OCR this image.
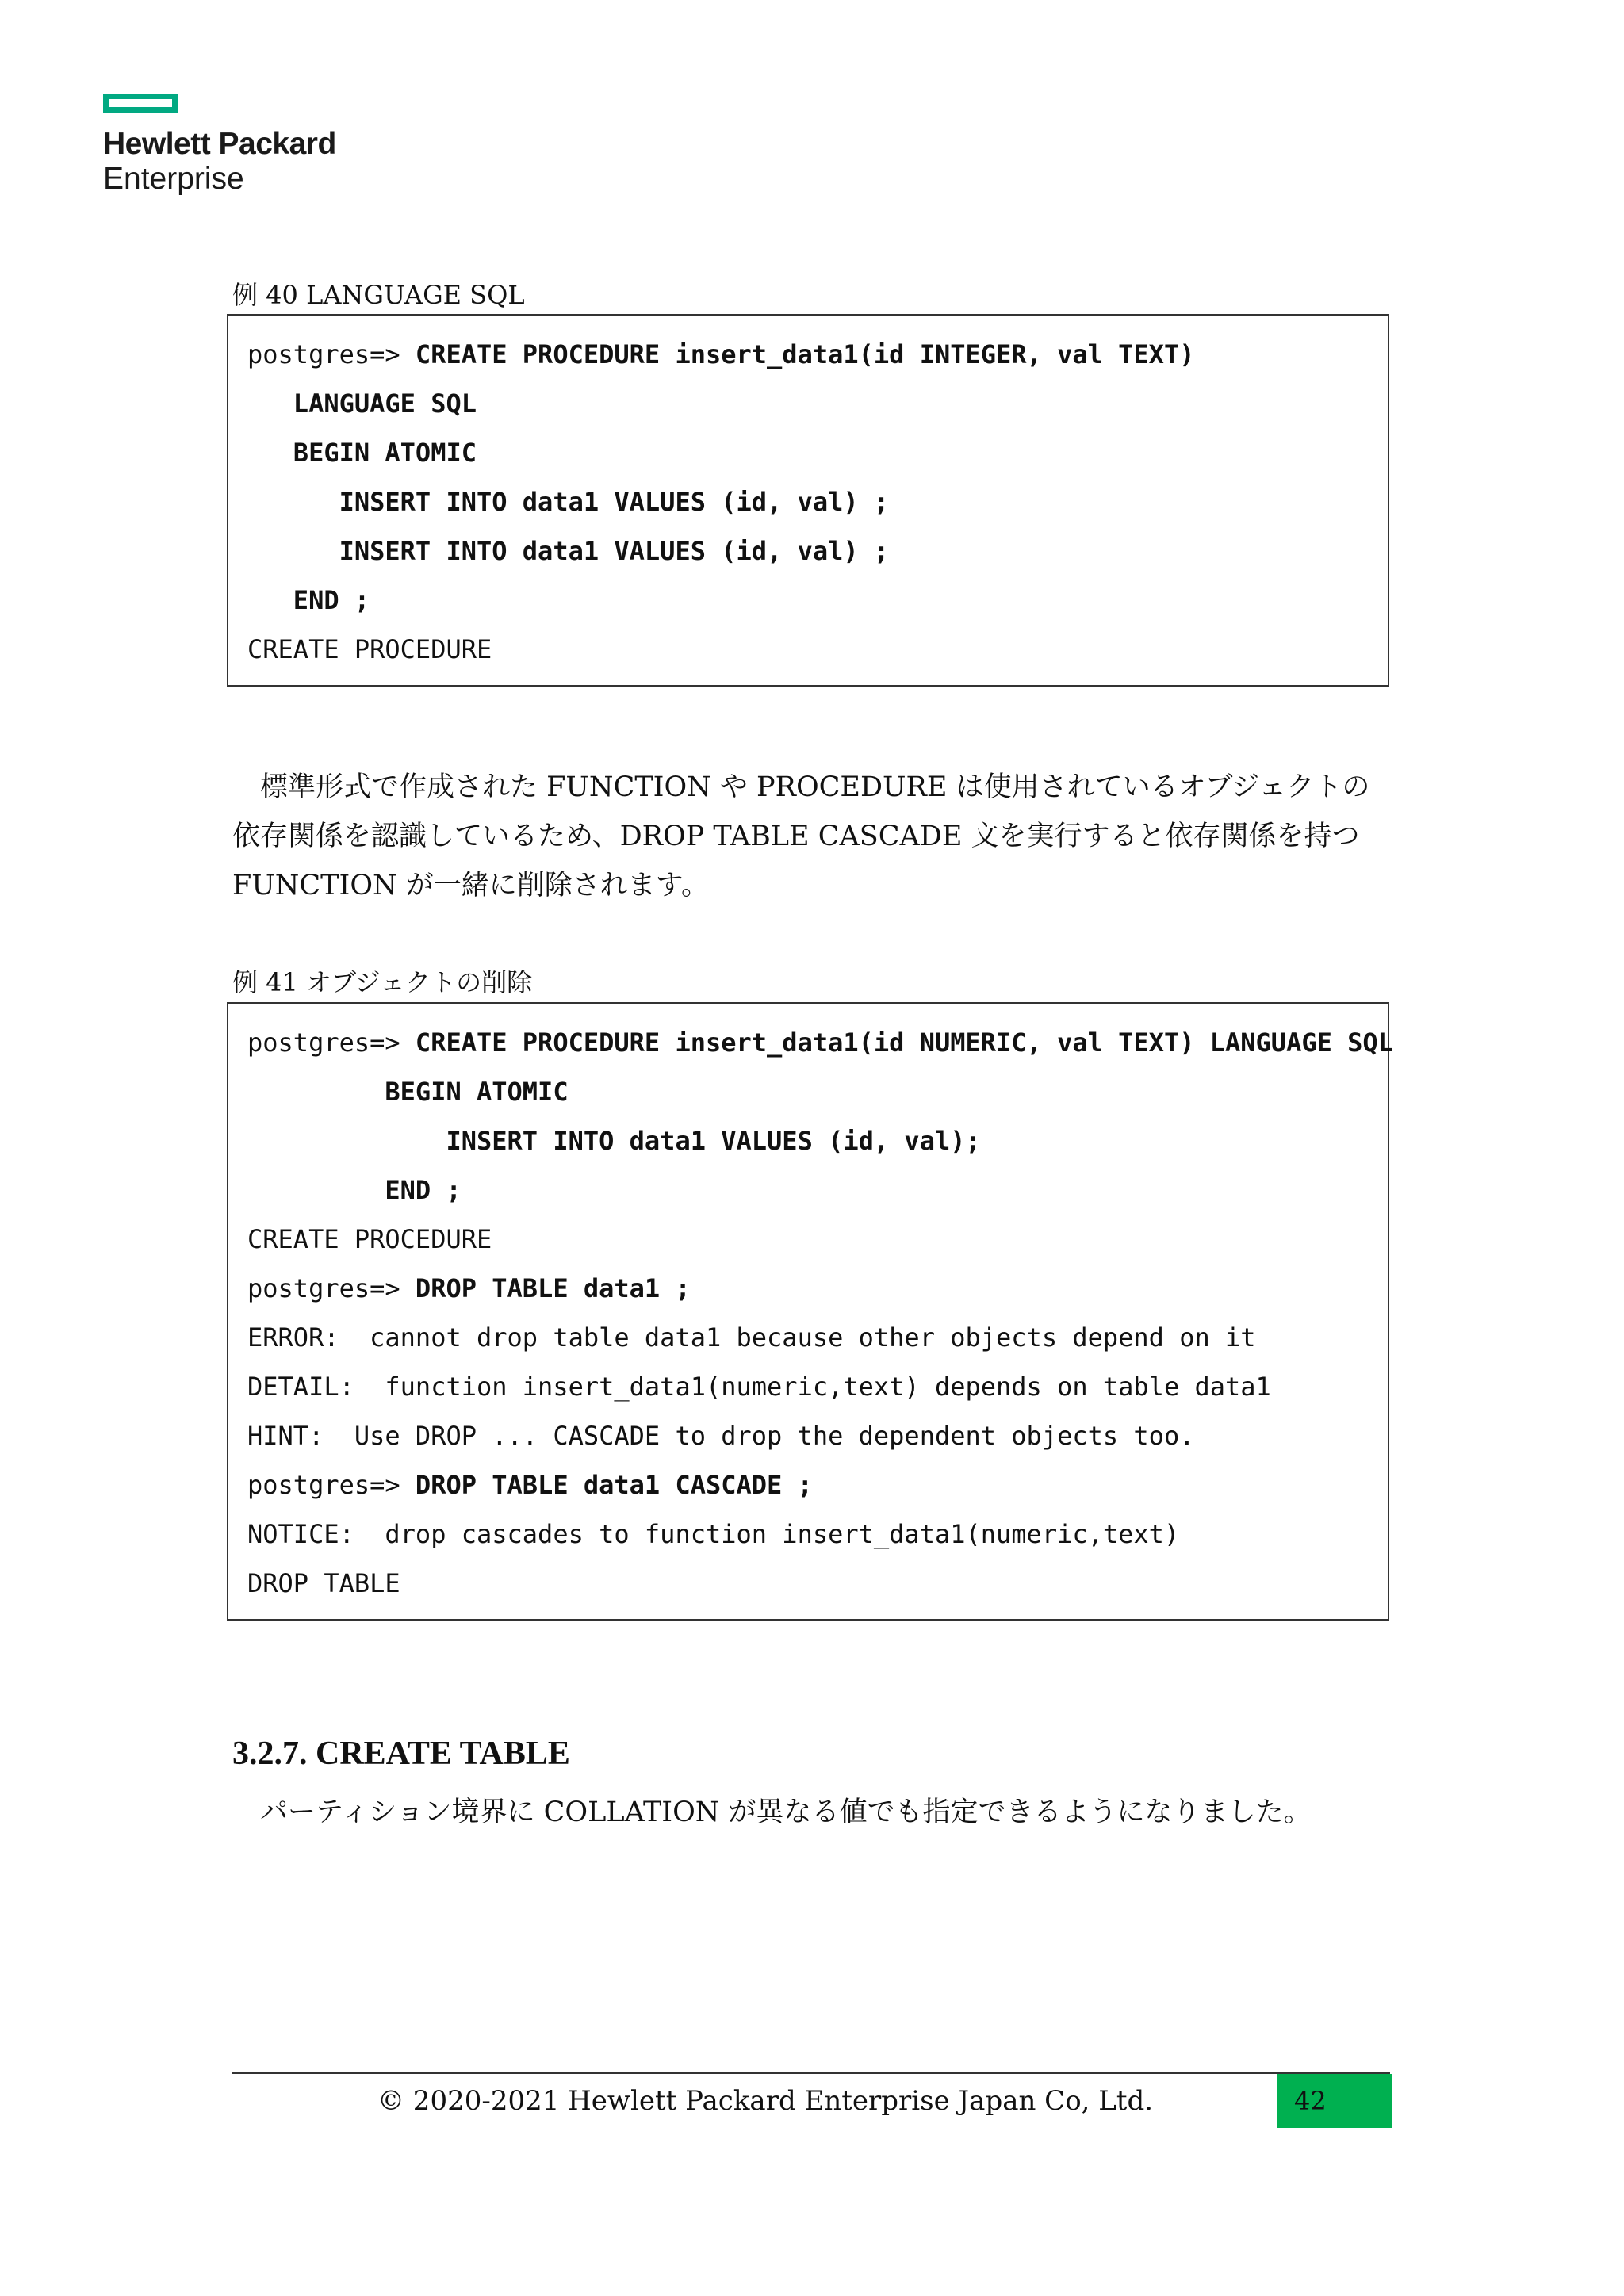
Hewlett Packard
Enterprise
例 40 LANGUAGE SQL
postgres=> CREATE PROCEDURE insert_data1(id INTEGER, val TEXT)
LANGUAGE SQL
BEGIN ATOMIC
INSERT INTO data1 VALUES (id, val) ;
INSERT INTO data1 VALUES (id, val) ;
END ;
CREATE PROCEDURE
標準形式で作成された FUNCTION や PROCEDURE は使用されているオブジェクトの依存関係を認識しているため、DROP TABLE CASCADE 文を実行すると依存関係を持つ FUNCTION が一緒に削除されます。
例 41 オブジェクトの削除
postgres=> CREATE PROCEDURE insert_data1(id NUMERIC, val TEXT) LANGUAGE SQL
BEGIN ATOMIC
INSERT INTO data1 VALUES (id, val);
END ;
CREATE PROCEDURE
postgres=> DROP TABLE data1 ;
ERROR:  cannot drop table data1 because other objects depend on it
DETAIL:  function insert_data1(numeric,text) depends on table data1
HINT:  Use DROP ... CASCADE to drop the dependent objects too.
postgres=> DROP TABLE data1 CASCADE ;
NOTICE:  drop cascades to function insert_data1(numeric,text)
DROP TABLE
3.2.7. CREATE TABLE
パーティション境界に COLLATION が異なる値でも指定できるようになりました。
© 2020-2021 Hewlett Packard Enterprise Japan Co, Ltd.	42
